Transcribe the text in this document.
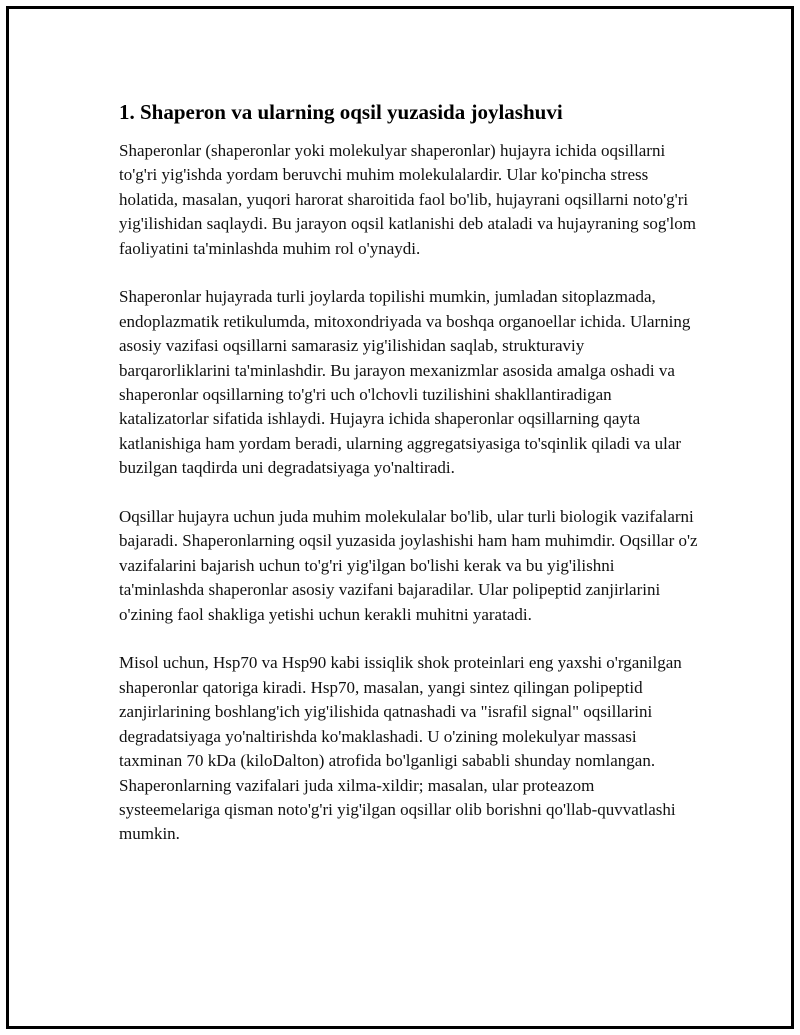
1. Shaperon va ularning oqsil yuzasida joylashuvi

Shaperonlar (shaperonlar yoki molekulyar shaperonlar) hujayra ichida oqsillarni to'g'ri yig'ishda yordam beruvchi muhim molekulalardir. Ular ko'pincha stress holatida, masalan, yuqori harorat sharoitida faol bo'lib, hujayrani oqsillarni noto'g'ri yig'ilishidan saqlaydi. Bu jarayon oqsil katlanishi deb ataladi va hujayraning sog'lom faoliyatini ta'minlashda muhim rol o'ynaydi.

Shaperonlar hujayrada turli joylarda topilishi mumkin, jumladan sitoplazmada, endoplazmatik retikulumda, mitoxondriyada va boshqa organoellar ichida. Ularning asosiy vazifasi oqsillarni samarasiz yig'ilishidan saqlab, strukturaviy barqarorliklarini ta'minlashdir. Bu jarayon mexanizmlar asosida amalga oshadi va shaperonlar oqsillarning to'g'ri uch o'lchovli tuzilishini shakllantiradigan katalizatorlar sifatida ishlaydi. Hujayra ichida shaperonlar oqsillarning qayta katlanishiga ham yordam beradi, ularning aggregatsiyasiga to'sqinlik qiladi va ular buzilgan taqdirda uni degradatsiyaga yo'naltiradi.

Oqsillar hujayra uchun juda muhim molekulalar bo'lib, ular turli biologik vazifalarni bajaradi. Shaperonlarning oqsil yuzasida joylashishi ham ham muhimdir. Oqsillar o'z vazifalarini bajarish uchun to'g'ri yig'ilgan bo'lishi kerak va bu yig'ilishni ta'minlashda shaperonlar asosiy vazifani bajaradilar. Ular polipeptid zanjirlarini o'zining faol shakliga yetishi uchun kerakli muhitni yaratadi.

Misol uchun, Hsp70 va Hsp90 kabi issiqlik shok proteinlari eng yaxshi o'rganilgan shaperonlar qatoriga kiradi. Hsp70, masalan, yangi sintez qilingan polipeptid zanjirlarining boshlang'ich yig'ilishida qatnashadi va "israfil signal" oqsillarini degradatsiyaga yo'naltirishda ko'maklashadi. U o'zining molekulyar massasi taxminan 70 kDa (kiloDalton) atrofida bo'lganligi sababli shunday nomlangan. Shaperonlarning vazifalari juda xilma-xildir; masalan, ular proteazom systeemelariga qisman noto'g'ri yig'ilgan oqsillar olib borishni qo'llab-quvvatlashi mumkin.
